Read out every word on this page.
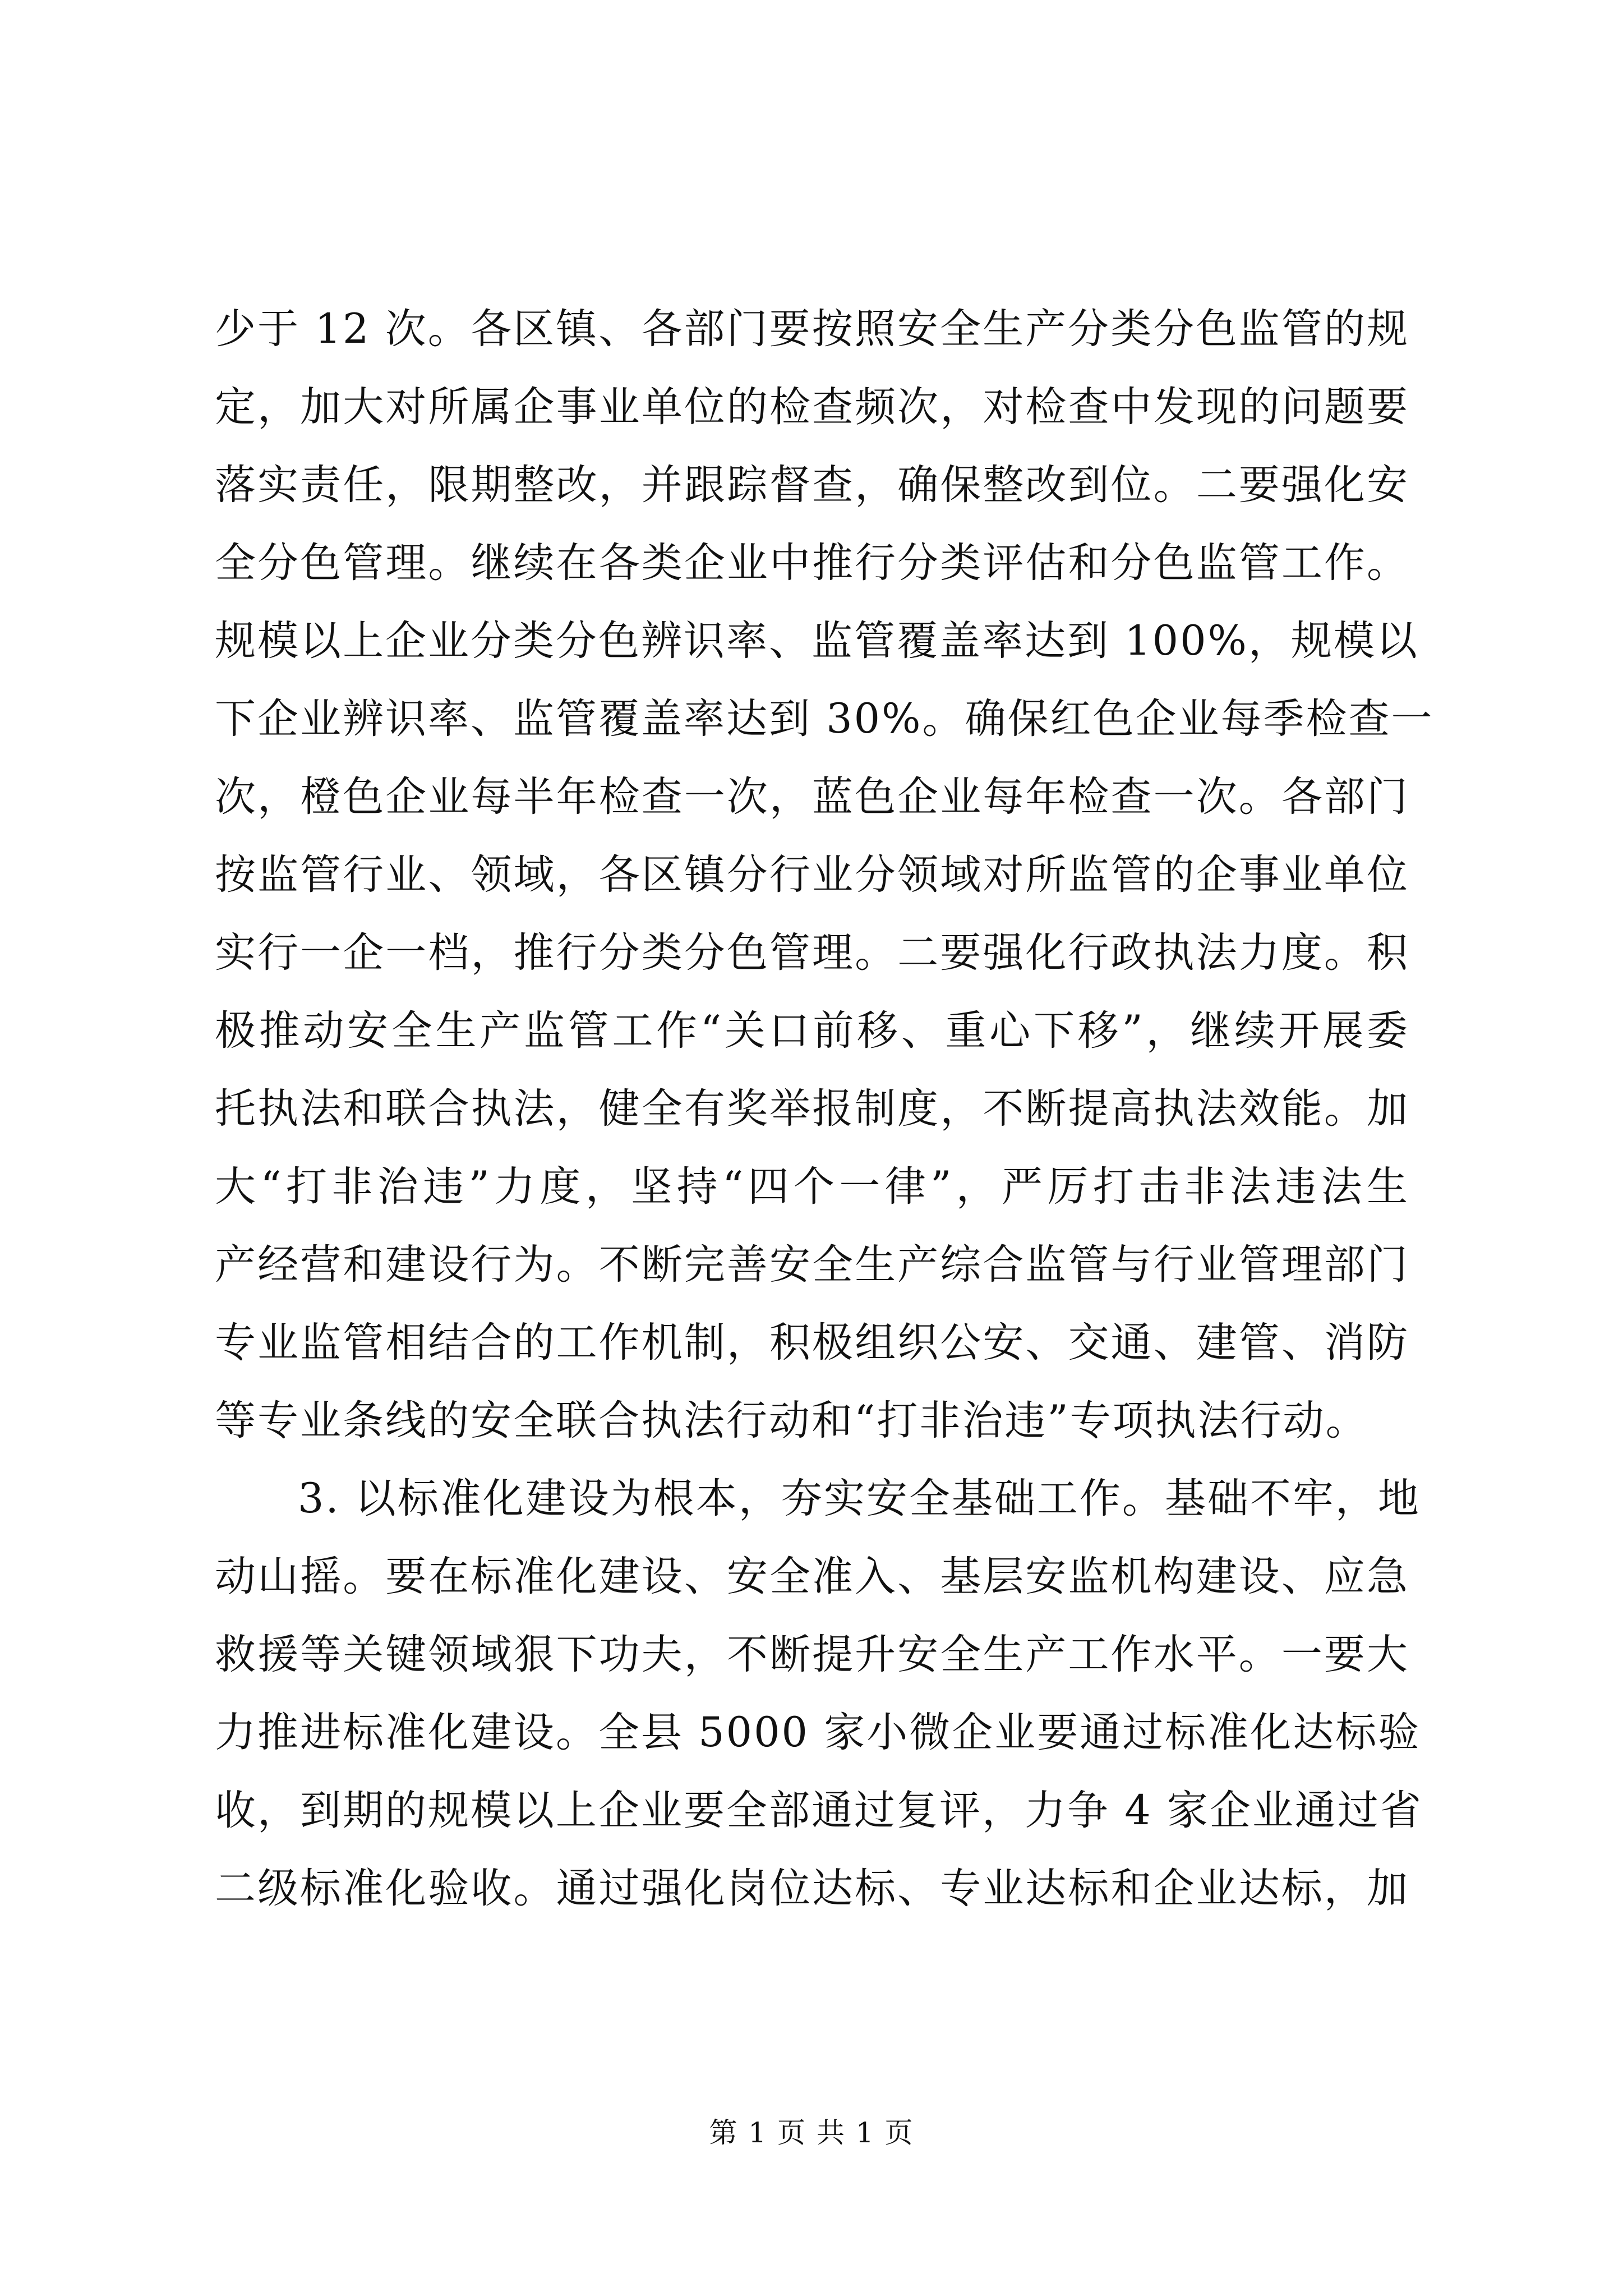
少于 12 次。各区镇、各部门要按照安全生产分类分色监管的规
定，加大对所属企事业单位的检查频次，对检查中发现的问题要
落实责任，限期整改，并跟踪督查，确保整改到位。二要强化安
全分色管理。继续在各类企业中推行分类评估和分色监管工作。
规模以上企业分类分色辨识率、监管覆盖率达到 100%，规模以
下企业辨识率、监管覆盖率达到 30%。确保红色企业每季检查一
次，橙色企业每半年检查一次，蓝色企业每年检查一次。各部门
按监管行业、领域，各区镇分行业分领域对所监管的企事业单位
实行一企一档，推行分类分色管理。二要强化行政执法力度。积
极推动安全生产监管工作“关口前移、重心下移”，继续开展委
托执法和联合执法，健全有奖举报制度，不断提高执法效能。加
大“打非治违”力度，坚持“四个一律”，严厉打击非法违法生
产经营和建设行为。不断完善安全生产综合监管与行业管理部门
专业监管相结合的工作机制，积极组织公安、交通、建管、消防
等专业条线的安全联合执法行动和“打非治违”专项执法行动。
3. 以标准化建设为根本，夯实安全基础工作。基础不牢，地
动山摇。要在标准化建设、安全准入、基层安监机构建设、应急
救援等关键领域狠下功夫，不断提升安全生产工作水平。一要大
力推进标准化建设。全县 5000 家小微企业要通过标准化达标验
收，到期的规模以上企业要全部通过复评，力争 4 家企业通过省
二级标准化验收。通过强化岗位达标、专业达标和企业达标，加
第 1 页 共 1 页
